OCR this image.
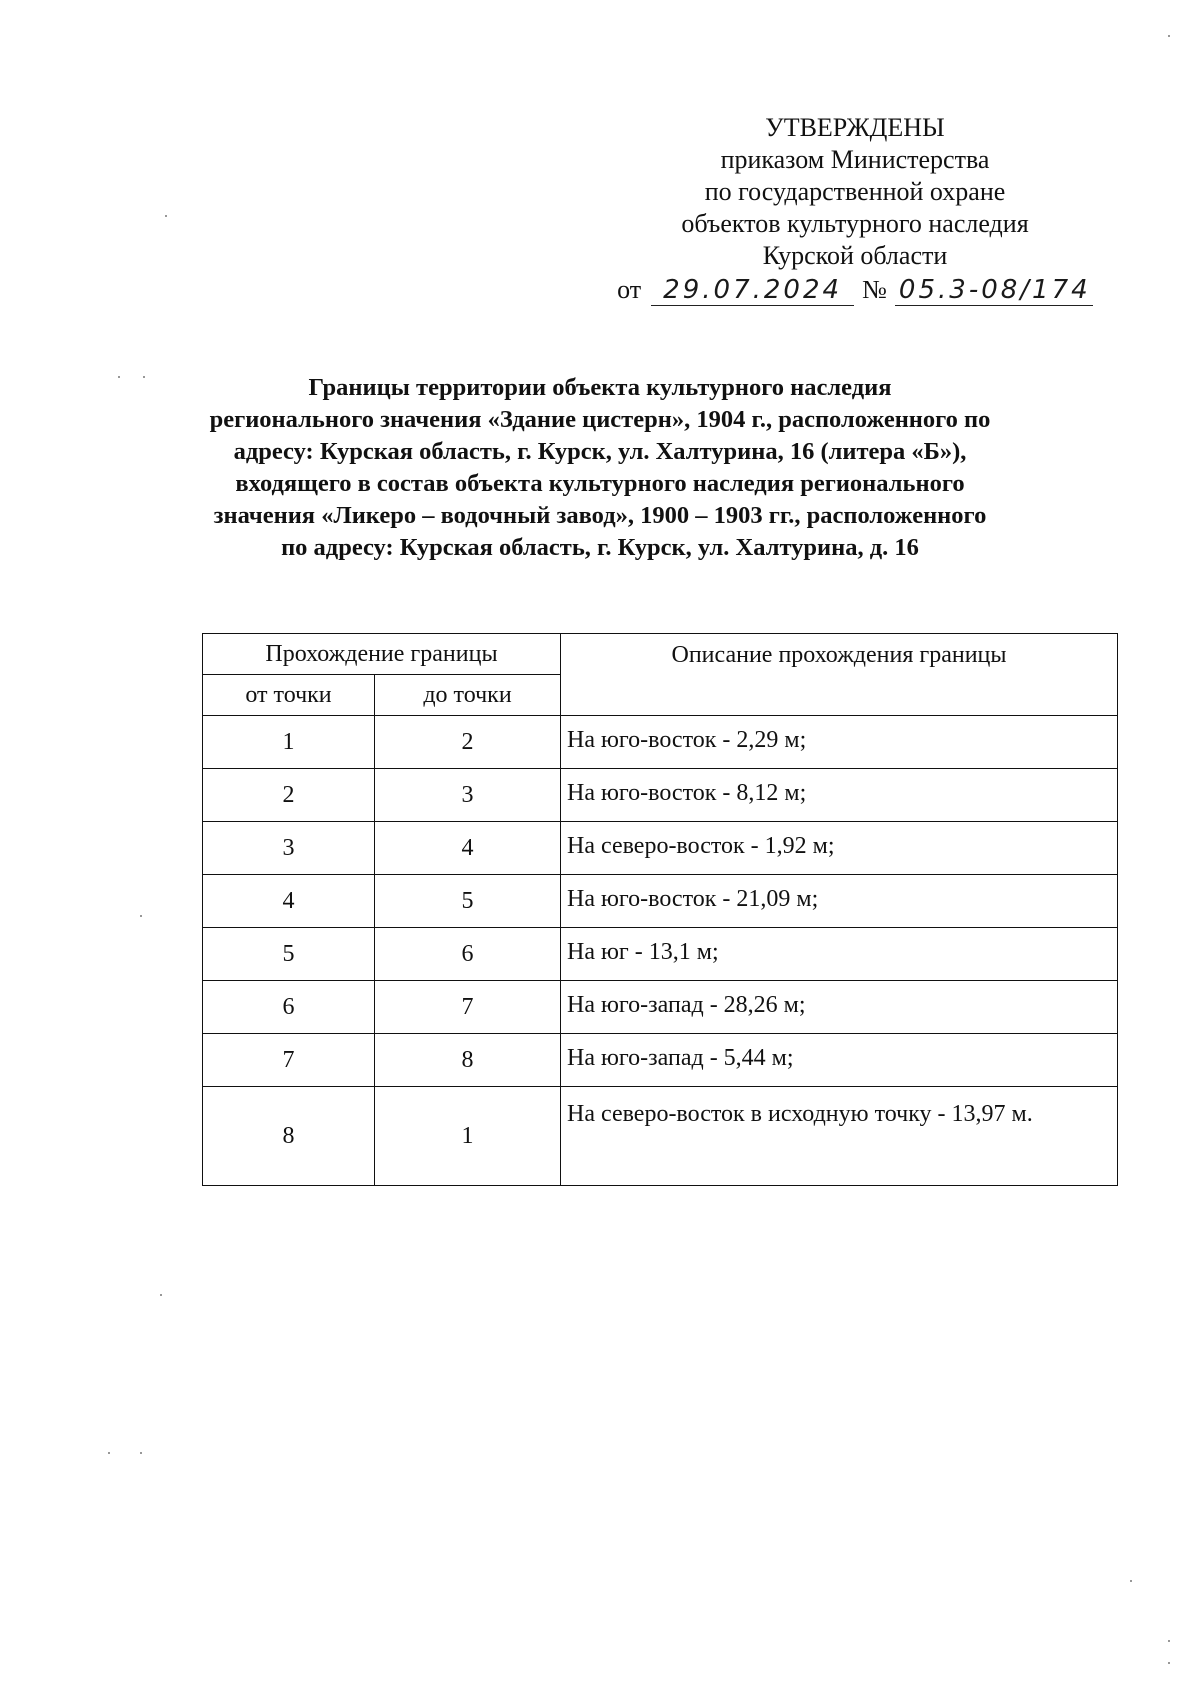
УТВЕРЖДЕНЫ
приказом Министерства
по государственной охране
объектов культурного наследия
Курской области
от 29.07.2024 № 05.3-08/174
Границы территории объекта культурного наследия
регионального значения «Здание цистерн», 1904 г., расположенного по
адресу: Курская область, г. Курск, ул. Халтурина, 16 (литера «Б»),
входящего в состав объекта культурного наследия регионального
значения «Ликеро – водочный завод», 1900 – 1903 гг., расположенного
по адресу: Курская область, г. Курск, ул. Халтурина, д. 16
Прохождение границы		Описание прохождения границы
от точки	до точки	
1	2	На юго-восток - 2,29 м;
2	3	На юго-восток - 8,12 м;
3	4	На северо-восток - 1,92 м;
4	5	На юго-восток - 21,09 м;
5	6	На юг - 13,1 м;
6	7	На юго-запад - 28,26 м;
7	8	На юго-запад - 5,44 м;
8	1	На северо-восток в исходную точку - 13,97 м.
